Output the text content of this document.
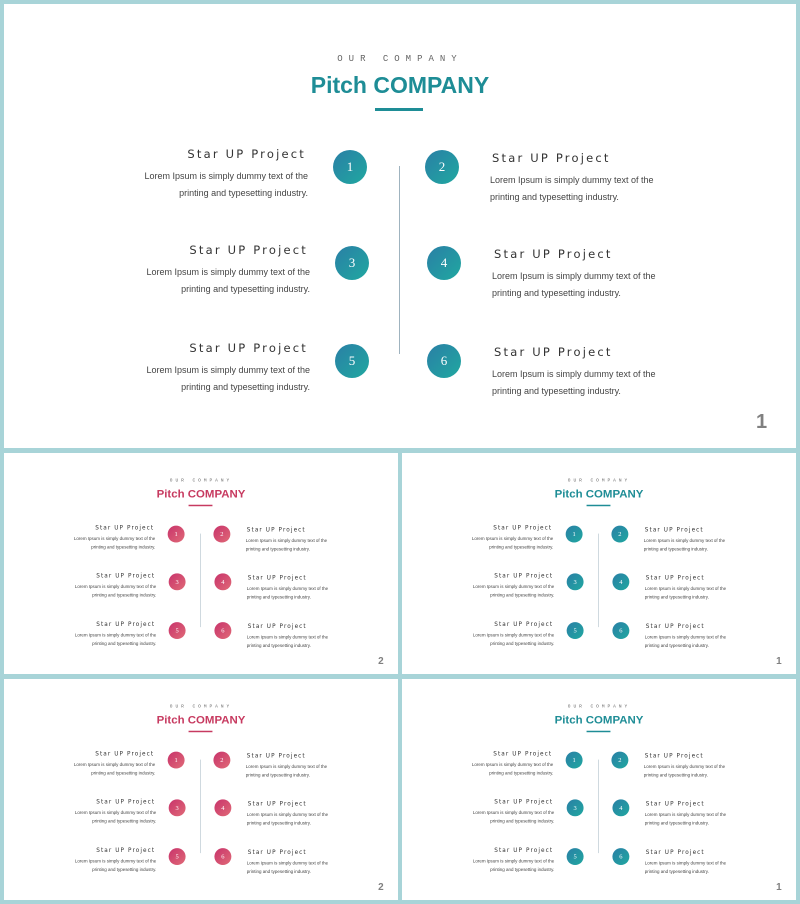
OUR COMPANY
Pitch COMPANY
Star UP Project
Lorem Ipsum is simply dummy text of the
printing and typesetting industry.
1	2
Star UP Project
Lorem Ipsum is simply dummy text of the
printing and typesetting industry.
Star UP Project
Lorem Ipsum is simply dummy text of the
printing and typesetting industry.
3	4
Star UP Project
Lorem Ipsum is simply dummy text of the
printing and typesetting industry.
Star UP Project
Lorem Ipsum is simply dummy text of the
printing and typesetting industry.
5	6
Star UP Project
Lorem Ipsum is simply dummy text of the
printing and typesetting industry.
1
OUR COMPANY
Pitch COMPANY
Star UP Project
Lorem Ipsum is simply dummy text of the
printing and typesetting industry.
1	2
Star UP Project
Lorem Ipsum is simply dummy text of the
printing and typesetting industry.
Star UP Project
Lorem Ipsum is simply dummy text of the
printing and typesetting industry.
3	4
Star UP Project
Lorem Ipsum is simply dummy text of the
printing and typesetting industry.
Star UP Project
Lorem Ipsum is simply dummy text of the
printing and typesetting industry.
5	6
Star UP Project
Lorem Ipsum is simply dummy text of the
printing and typesetting industry.
2
OUR COMPANY
Pitch COMPANY
Star UP Project
Lorem Ipsum is simply dummy text of the
printing and typesetting industry.
1	2
Star UP Project
Lorem Ipsum is simply dummy text of the
printing and typesetting industry.
Star UP Project
Lorem Ipsum is simply dummy text of the
printing and typesetting industry.
3	4
Star UP Project
Lorem Ipsum is simply dummy text of the
printing and typesetting industry.
Star UP Project
Lorem Ipsum is simply dummy text of the
printing and typesetting industry.
5	6
Star UP Project
Lorem Ipsum is simply dummy text of the
printing and typesetting industry.
1
OUR COMPANY
Pitch COMPANY
Star UP Project
Lorem Ipsum is simply dummy text of the
printing and typesetting industry.
1	2
Star UP Project
Lorem Ipsum is simply dummy text of the
printing and typesetting industry.
Star UP Project
Lorem Ipsum is simply dummy text of the
printing and typesetting industry.
3	4
Star UP Project
Lorem Ipsum is simply dummy text of the
printing and typesetting industry.
Star UP Project
Lorem Ipsum is simply dummy text of the
printing and typesetting industry.
5	6
Star UP Project
Lorem Ipsum is simply dummy text of the
printing and typesetting industry.
2
OUR COMPANY
Pitch COMPANY
Star UP Project
Lorem Ipsum is simply dummy text of the
printing and typesetting industry.
1	2
Star UP Project
Lorem Ipsum is simply dummy text of the
printing and typesetting industry.
Star UP Project
Lorem Ipsum is simply dummy text of the
printing and typesetting industry.
3	4
Star UP Project
Lorem Ipsum is simply dummy text of the
printing and typesetting industry.
Star UP Project
Lorem Ipsum is simply dummy text of the
printing and typesetting industry.
5	6
Star UP Project
Lorem Ipsum is simply dummy text of the
printing and typesetting industry.
1
